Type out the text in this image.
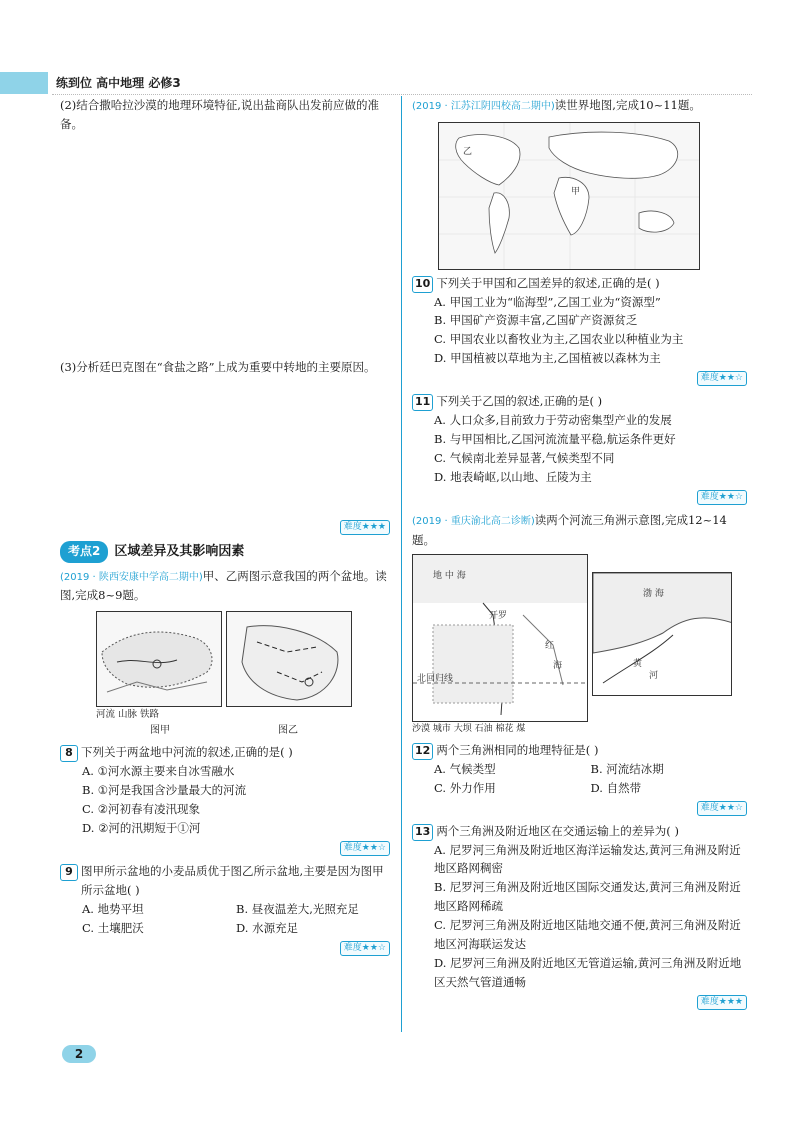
练到位 高中地理 必修3

(2)结合撒哈拉沙漠的地理环境特征,说出盐商队出发前应做的准备。

(3)分析廷巴克图在“食盐之路”上成为重要中转地的主要原因。

难度★★★
考点2	区域差异及其影响因素

(2019 · 陕西安康中学高二期中)甲、乙两图示意我国的两个盆地。读图,完成8~9题。

河流 山脉 铁路
图甲	图乙
8 下列关于两盆地中河流的叙述,正确的是( )
A. ①河水源主要来自冰雪融水
B. ①河是我国含沙量最大的河流
C. ②河初春有凌汛现象
D. ②河的汛期短于①河
难度★★☆
9 图甲所示盆地的小麦品质优于图乙所示盆地,主要是因为图甲所示盆地( )
A. 地势平坦	B. 昼夜温差大,光照充足
C. 土壤肥沃	D. 水源充足
难度★★☆

(2019 · 江苏江阴四校高二期中)读世界地图,完成10~11题。

乙
甲
10 下列关于甲国和乙国差异的叙述,正确的是( )
A. 甲国工业为“临海型”,乙国工业为“资源型”
B. 甲国矿产资源丰富,乙国矿产资源贫乏
C. 甲国农业以畜牧业为主,乙国农业以种植业为主
D. 甲国植被以草地为主,乙国植被以森林为主
难度★★☆
11 下列关于乙国的叙述,正确的是( )
A. 人口众多,目前致力于劳动密集型产业的发展
B. 与甲国相比,乙国河流流量平稳,航运条件更好
C. 气候南北差异显著,气候类型不同
D. 地表崎岖,以山地、丘陵为主
难度★★☆

(2019 · 重庆渝北高二诊断)读两个河流三角洲示意图,完成12~14题。

地 中 海
开罗
红
海
北回归线
渤 海
黄
河
沙漠 城市 大坝 石油 棉花 煤
12 两个三角洲相同的地理特征是( )
A. 气候类型	B. 河流结冰期
C. 外力作用	D. 自然带
难度★★☆
13 两个三角洲及附近地区在交通运输上的差异为( )
A. 尼罗河三角洲及附近地区海洋运输发达,黄河三角洲及附近地区路网稠密
B. 尼罗河三角洲及附近地区国际交通发达,黄河三角洲及附近地区路网稀疏
C. 尼罗河三角洲及附近地区陆地交通不便,黄河三角洲及附近地区河海联运发达
D. 尼罗河三角洲及附近地区无管道运输,黄河三角洲及附近地区天然气管道通畅
难度★★★
2
